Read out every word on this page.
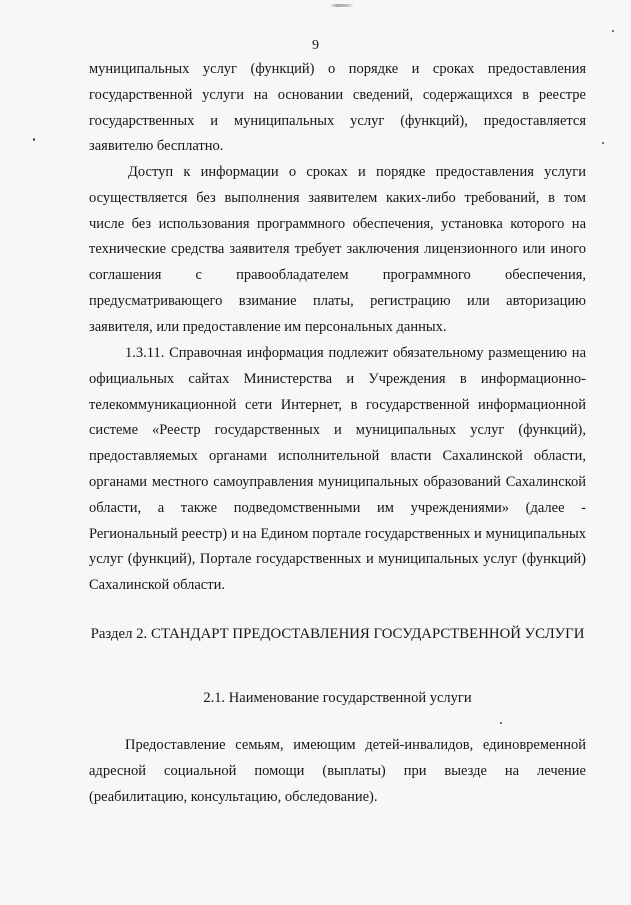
9

муниципальных услуг (функций) о порядке и сроках предоставления государственной услуги на основании сведений, содержащихся в реестре государственных и муниципальных услуг (функций), предоставляется заявителю бесплатно.

Доступ к информации о сроках и порядке предоставления услуги осуществляется без выполнения заявителем каких-либо требований, в том числе без использования программного обеспечения, установка которого на технические средства заявителя требует заключения лицензионного или иного соглашения с правообладателем программного обеспечения, предусматривающего взимание платы, регистрацию или авторизацию заявителя, или предоставление им персональных данных.

1.3.11. Справочная информация подлежит обязательному размещению на официальных сайтах Министерства и Учреждения в информационно-телекоммуникационной сети Интернет, в государственной информационной системе «Реестр государственных и муниципальных услуг (функций), предоставляемых органами исполнительной власти Сахалинской области, органами местного самоуправления муниципальных образований Сахалинской области, а также подведомственными им учреждениями» (далее - Региональный реестр) и на Едином портале государственных и муниципальных услуг (функций), Портале государственных и муниципальных услуг (функций) Сахалинской области.

Раздел 2. СТАНДАРТ ПРЕДОСТАВЛЕНИЯ ГОСУДАРСТВЕННОЙ УСЛУГИ
2.1. Наименование государственной услуги

Предоставление семьям, имеющим детей-инвалидов, единовременной адресной социальной помощи (выплаты) при выезде на лечение (реабилитацию, консультацию, обследование).
